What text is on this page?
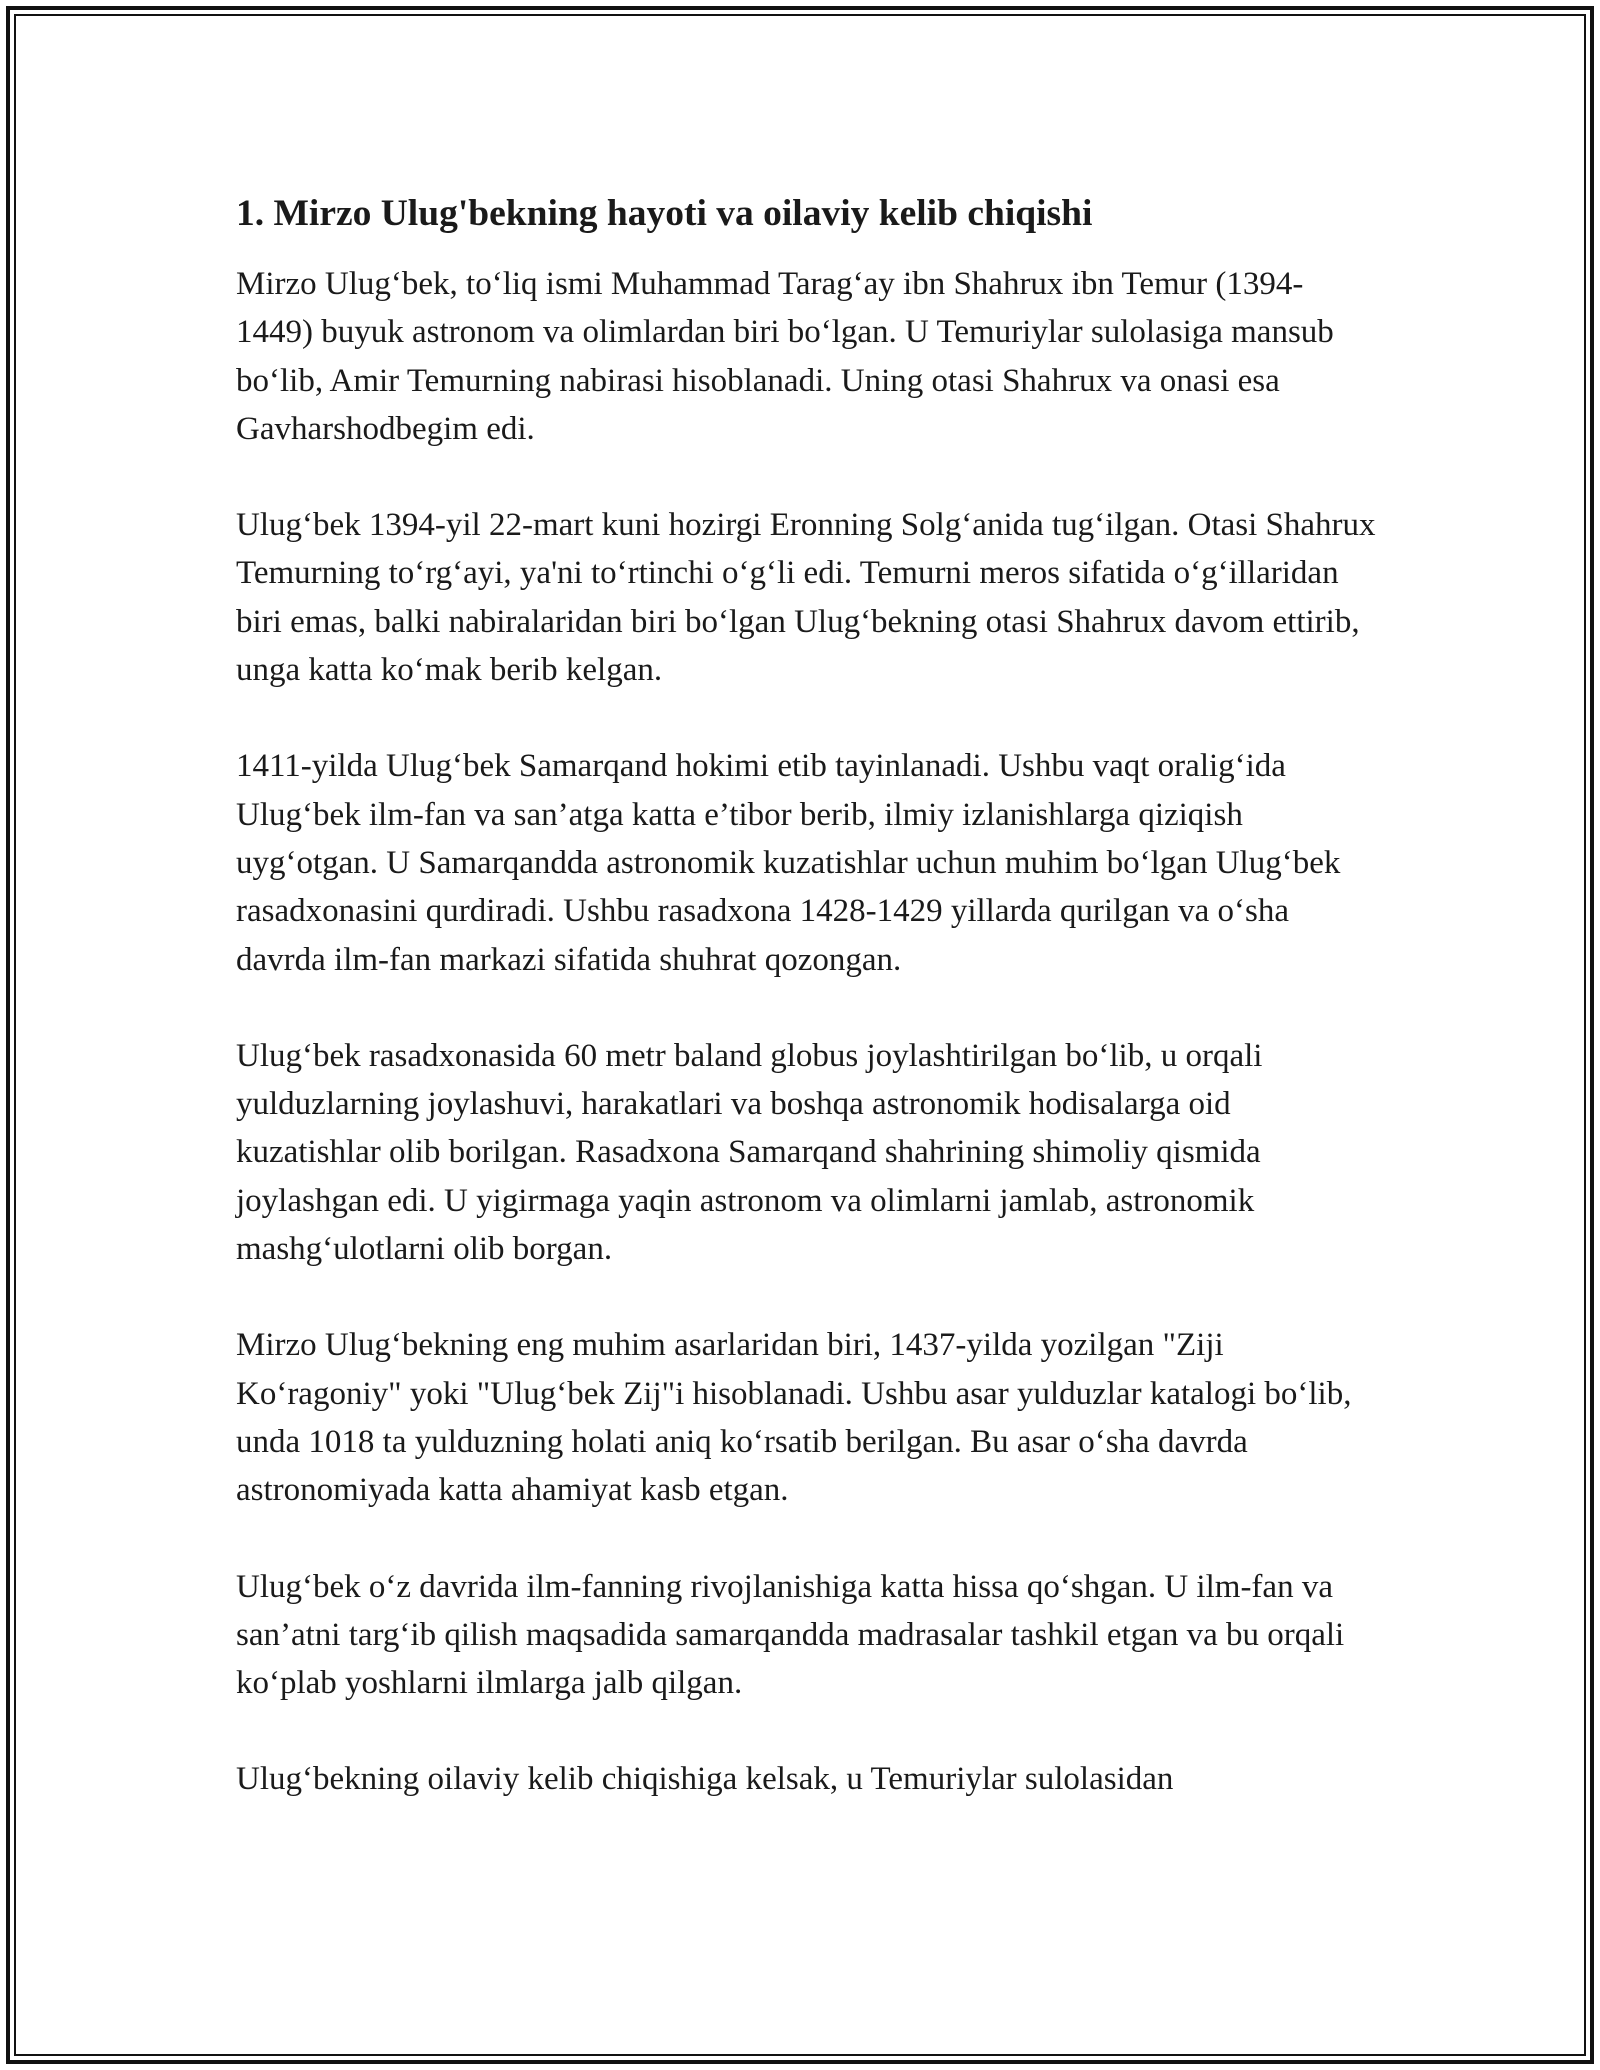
1. Mirzo Ulug'bekning hayoti va oilaviy kelib chiqishi

Mirzo Ulug‘bek, to‘liq ismi Muhammad Tarag‘ay ibn Shahrux ibn Temur (1394-1449) buyuk astronom va olimlardan biri bo‘lgan. U Temuriylar sulolasiga mansub bo‘lib, Amir Temurning nabirasi hisoblanadi. Uning otasi Shahrux va onasi esa Gavharshodbegim edi.

Ulug‘bek 1394-yil 22-mart kuni hozirgi Eronning Solg‘anida tug‘ilgan. Otasi Shahrux Temurning to‘rg‘ayi, ya'ni to‘rtinchi o‘g‘li edi. Temurni meros sifatida o‘g‘illaridan biri emas, balki nabiralaridan biri bo‘lgan Ulug‘bekning otasi Shahrux davom ettirib, unga katta ko‘mak berib kelgan.

1411-yilda Ulug‘bek Samarqand hokimi etib tayinlanadi. Ushbu vaqt oralig‘ida Ulug‘bek ilm-fan va san’atga katta e’tibor berib, ilmiy izlanishlarga qiziqish uyg‘otgan. U Samarqandda astronomik kuzatishlar uchun muhim bo‘lgan Ulug‘bek rasadxonasini qurdiradi. Ushbu rasadxona 1428-1429 yillarda qurilgan va o‘sha davrda ilm-fan markazi sifatida shuhrat qozongan.

Ulug‘bek rasadxonasida 60 metr baland globus joylashtirilgan bo‘lib, u orqali yulduzlarning joylashuvi, harakatlari va boshqa astronomik hodisalarga oid kuzatishlar olib borilgan. Rasadxona Samarqand shahrining shimoliy qismida joylashgan edi. U yigirmaga yaqin astronom va olimlarni jamlab, astronomik mashg‘ulotlarni olib borgan.

Mirzo Ulug‘bekning eng muhim asarlaridan biri, 1437-yilda yozilgan "Ziji Ko‘ragoniy" yoki "Ulug‘bek Zij"i hisoblanadi. Ushbu asar yulduzlar katalogi bo‘lib, unda 1018 ta yulduzning holati aniq ko‘rsatib berilgan. Bu asar o‘sha davrda astronomiyada katta ahamiyat kasb etgan.

Ulug‘bek o‘z davrida ilm-fanning rivojlanishiga katta hissa qo‘shgan. U ilm-fan va san’atni targ‘ib qilish maqsadida samarqandda madrasalar tashkil etgan va bu orqali ko‘plab yoshlarni ilmlarga jalb qilgan.

Ulug‘bekning oilaviy kelib chiqishiga kelsak, u Temuriylar sulolasidan
